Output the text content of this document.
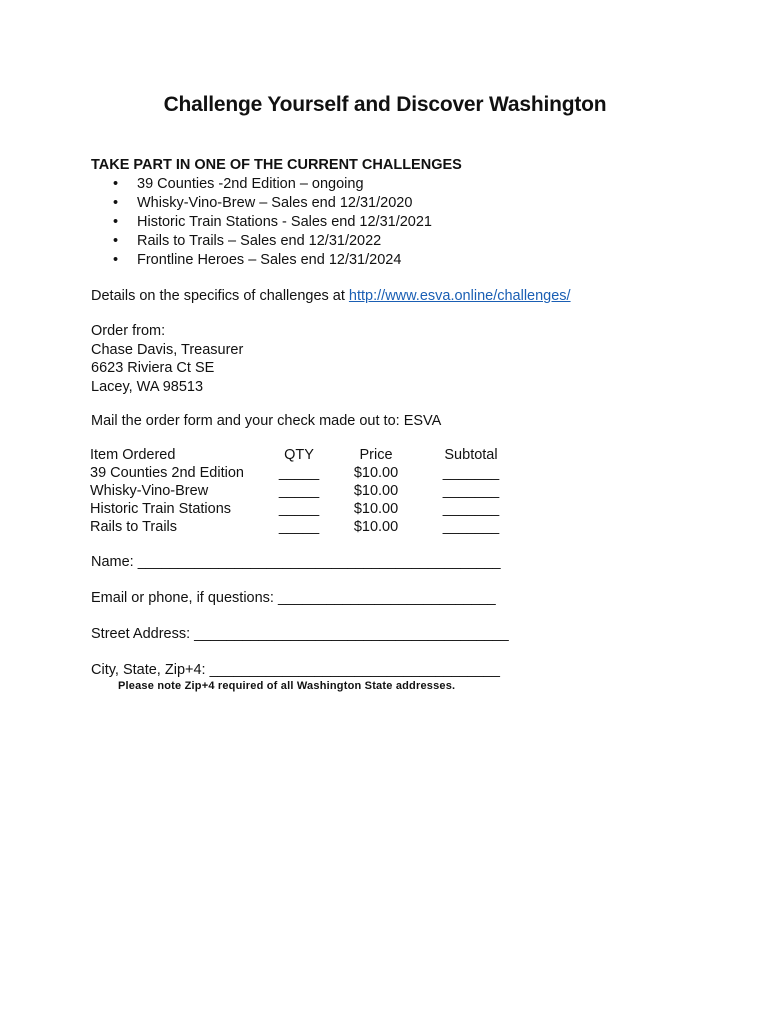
Challenge Yourself and Discover Washington
TAKE PART IN ONE OF THE CURRENT CHALLENGES
• 39 Counties -2nd Edition – ongoing
• Whisky-Vino-Brew – Sales end 12/31/2020
• Historic Train Stations - Sales end 12/31/2021
• Rails to Trails – Sales end 12/31/2022
• Frontline Heroes – Sales end 12/31/2024
Details on the specifics of challenges at http://www.esva.online/challenges/
Order from:
Chase Davis, Treasurer
6623 Riviera Ct SE
Lacey, WA 98513
Mail the order form and your check made out to: ESVA
Item Ordered	QTY	Price	Subtotal
39 Counties 2nd Edition	_____	$10.00	_______
Whisky-Vino-Brew	_____	$10.00	_______
Historic Train Stations	_____	$10.00	_______
Rails to Trails	_____	$10.00	_______
Name: _____________________________________________
Email or phone, if questions: ___________________________
Street Address: _______________________________________
City, State, Zip+4: ____________________________________
Please note Zip+4 required of all Washington State addresses.
